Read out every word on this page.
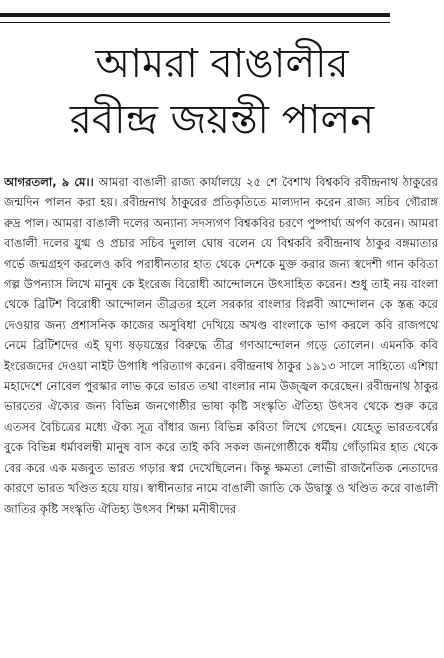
আমরা বাঙালীর
রবীন্দ্র জয়ন্তী পালন

আগরতলা, ৯ মে।। আমরা বাঙালী রাজ্য কার্যালয়ে ২৫ শে বৈশাখ বিশ্বকবি রবীন্দ্রনাথ ঠাকুরের জন্মদিন পালন করা হয়। রবীন্দ্রনাথ ঠাকুরের প্রতিকৃতিতে মাল্যদান করেন রাজ্য সচিব গৌরাঙ্গ রুদ্র পাল। আমরা বাঙালী দলের অন্যান্য সদস্যগণ বিশ্বকবির চরণে পুষ্পার্ঘ্য অর্পণ করেন। আমরা বাঙালী দলের যুগ্ম ও প্রচার সচিব দুলাল ঘোষ বলেন যে বিশ্বকবি রবীন্দ্রনাথ ঠাকুর বঙ্গমাতার গর্ভে জন্মগ্রহণ করলেও কবি পরাধীনতার হাত থেকে দেশকে মুক্ত করার জন্য স্বদেশী গান কবিতা গল্প উপন্যাস লিখে মানুষ কে ইংরেজ বিরোধী আন্দোলনে উৎসাহিত করেন। শুধু তাই নয় বাংলা থেকে ব্রিটিশ বিরোধী আন্দোলন তীব্রতর হলে সরকার বাংলার বিপ্লবী আন্দোলন কে স্তব্ধ করে দেওয়ার জন্য প্রশাসনিক কাজের অসুবিধা দেখিয়ে অখণ্ড বাংলাকে ভাগ করলে কবি রাজপথে নেমে ব্রিটিশদের এই ঘৃণ্য ষড়যন্ত্রের বিরুদ্ধে তীব্র গণআন্দোলন গড়ে তোলেন। এমনকি কবি ইংরেজদের দেওয়া নাইট উপাধি পরিত্যাগ করেন। রবীন্দ্রনাথ ঠাকুর ১৯১৩ সালে সাহিত্যে এশিয়া মহাদেশে নোবেল পুরস্কার লাভ করে ভারত তথা বাংলার নাম উজ্জ্বল করেছেন। রবীন্দ্রনাথ ঠাকুর ভারতের ঐক্যের জন্য বিভিন্ন জনগোষ্ঠীর ভাষা কৃষ্টি সংস্কৃতি ঐতিহ্য উৎসব থেকে শুরু করে এতসব বৈচিত্রের মধ্যে ঐক্য সূত্র বাঁধার জন্য বিভিন্ন কবিতা লিখে গেছেন। যেহেতু ভারতবর্ষের বুকে বিভিন্ন ধর্মাবলম্বী মানুষ বাস করে তাই কবি সকল জনগোষ্ঠীকে ধর্মীয় গোঁড়ামির হাত থেকে বের করে এক মজবুত ভারত গড়ার স্বপ্ন দেখেছিলেন। কিন্তু ক্ষমতা লোভী রাজনৈতিক নেতাদের কারণে ভারত খণ্ডিত হয়ে যায়। স্বাধীনতার নামে বাঙালী জাতি কে উদ্বাস্তু ও খণ্ডিত করে বাঙালী জাতির কৃষ্টি সংস্কৃতি ঐতিহ্য উৎসব শিক্ষা মনীষীদের
